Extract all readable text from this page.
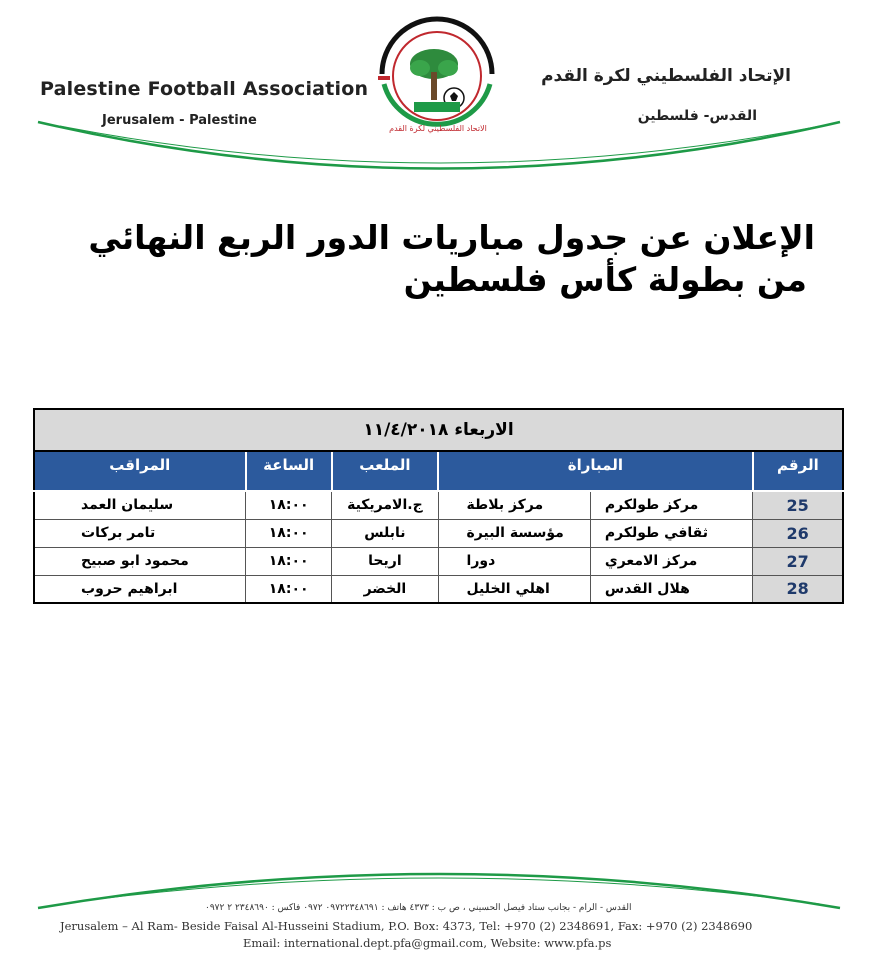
Palestine Football Association
Jerusalem - Palestine
الإتحاد الفلسطيني لكرة القدم
القدس- فلسطين
الاتحاد الفلسطيني لكرة القدم
الإعلان عن جدول مباريات الدور الربع النهائي
من بطولة كأس فلسطين
الاربعاء ١١/٤/٢٠١٨					
الرقم	المباراة		الملعب	الساعة	المراقب
25	مركز طولكرم	مركز بلاطة	ج.الامريكية	١٨:٠٠	سليمان العمد
26	ثقافي طولكرم	مؤسسة البيرة	نابلس	١٨:٠٠	تامر بركات
27	مركز الامعري	دورا	اريحا	١٨:٠٠	محمود ابو صبيح
28	هلال القدس	اهلي الخليل	الخضر	١٨:٠٠	ابراهيم حروب
القدس - الرام - بجانب ستاد فيصل الحسيني ، ص ب : ٤٣٧٣ هاتف : ٠٩٧٢٢٣٤٨٦٩١ ٠٩٧٢ فاكس : ٢٣٤٨٦٩٠ ٢ ٠٩٧٢
Jerusalem – Al Ram- Beside Faisal Al-Husseini Stadium, P.O. Box: 4373, Tel: +970 (2) 2348691, Fax: +970 (2) 2348690
Email: international.dept.pfa@gmail.com, Website: www.pfa.ps
